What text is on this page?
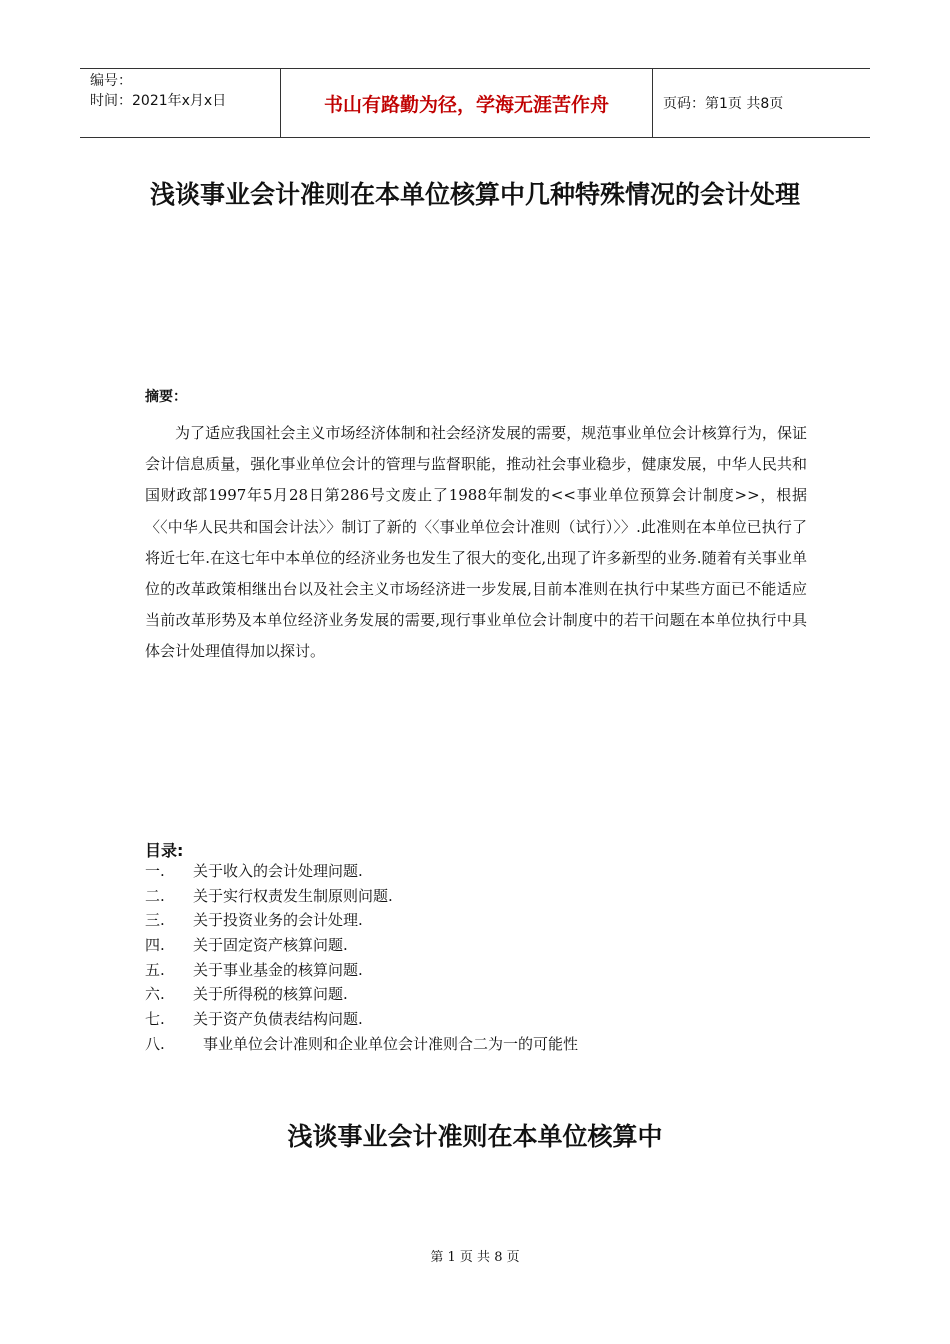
编号：
时间：2021年x月x日	书山有路勤为径，学海无涯苦作舟	页码：第1页 共8页
浅谈事业会计准则在本单位核算中几种特殊情况的会计处理
摘要：

为了适应我国社会主义市场经济体制和社会经济发展的需要，规范事业单位会计核算行为，保证会计信息质量，强化事业单位会计的管理与监督职能，推动社会事业稳步，健康发展，中华人民共和国财政部1997年5月28日第286号文废止了1988年制发的<<事业单位预算会计制度>>，根据〈〈中华人民共和国会计法〉〉制订了新的〈〈事业单位会计准则（试行）〉〉.此准则在本单位已执行了将近七年.在这七年中本单位的经济业务也发生了很大的变化,出现了许多新型的业务.随着有关事业单位的改革政策相继出台以及社会主义市场经济进一步发展,目前本准则在执行中某些方面已不能适应当前改革形势及本单位经济业务发展的需要,现行事业单位会计制度中的若干问题在本单位执行中具体会计处理值得加以探讨。

目录:
一.	关于收入的会计处理问题.
二.	关于实行权责发生制原则问题.
三.	关于投资业务的会计处理.
四.	关于固定资产核算问题.
五.	关于事业基金的核算问题.
六.	关于所得税的核算问题.
七.	关于资产负债表结构问题.
八.	事业单位会计准则和企业单位会计准则合二为一的可能性
浅谈事业会计准则在本单位核算中
第 1 页 共 8 页
